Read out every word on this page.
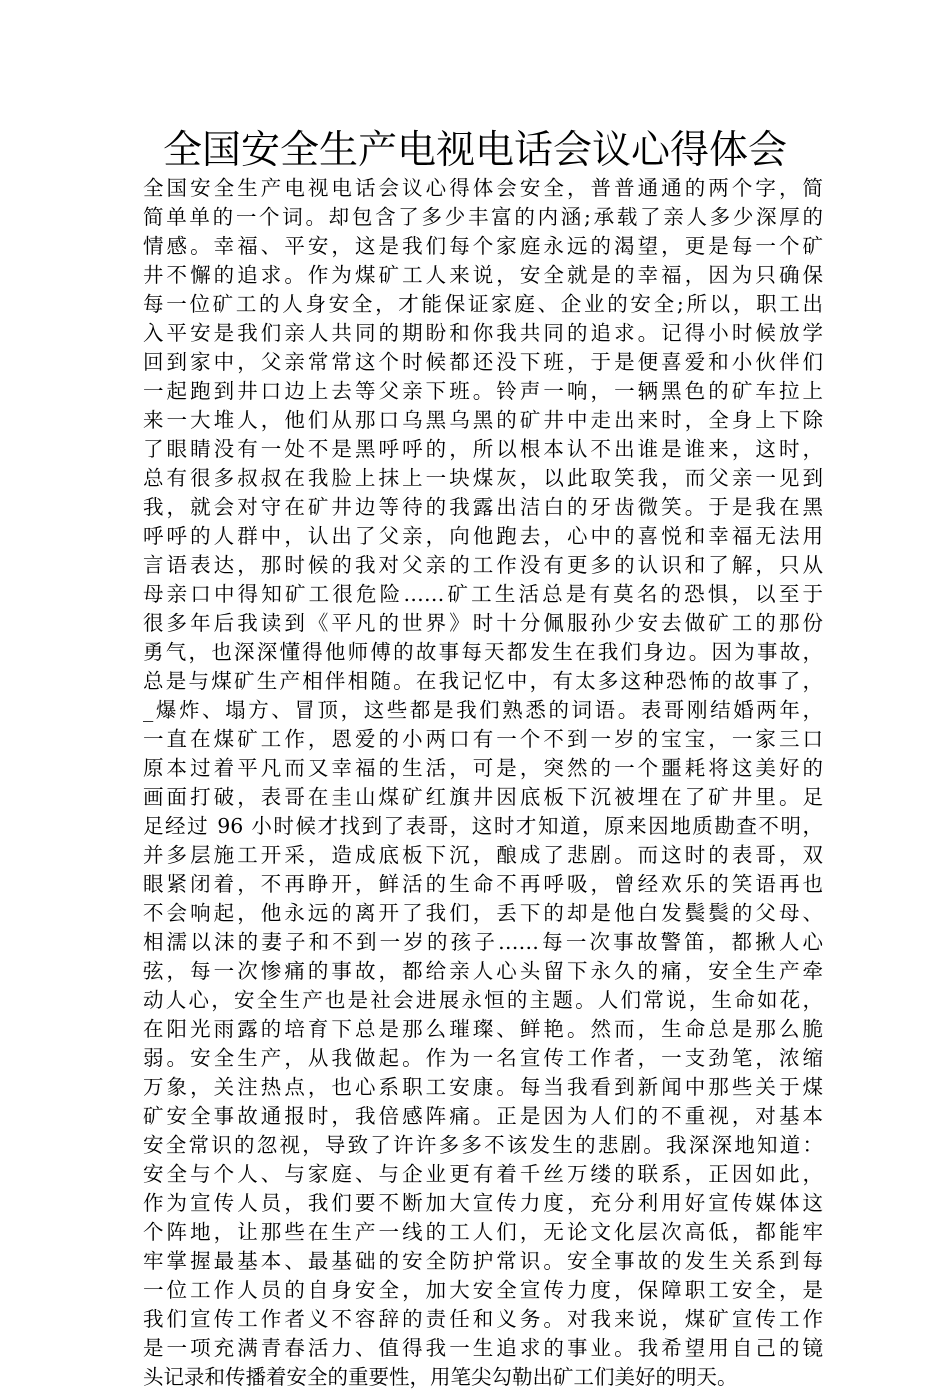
全国安全生产电视电话会议心得体会
全国安全生产电视电话会议心得体会安全，普普通通的两个字，简
简单单的一个词。却包含了多少丰富的内涵;承载了亲人多少深厚的
情感。幸福、平安，这是我们每个家庭永远的渴望，更是每一个矿
井不懈的追求。作为煤矿工人来说，安全就是的幸福，因为只确保
每一位矿工的人身安全，才能保证家庭、企业的安全;所以，职工出
入平安是我们亲人共同的期盼和你我共同的追求。记得小时候放学
回到家中，父亲常常这个时候都还没下班，于是便喜爱和小伙伴们
一起跑到井口边上去等父亲下班。铃声一响，一辆黑色的矿车拉上
来一大堆人，他们从那口乌黑乌黑的矿井中走出来时，全身上下除
了眼睛没有一处不是黑呼呼的，所以根本认不出谁是谁来，这时，
总有很多叔叔在我脸上抹上一块煤灰，以此取笑我，而父亲一见到
我，就会对守在矿井边等待的我露出洁白的牙齿微笑。于是我在黑
呼呼的人群中，认出了父亲，向他跑去，心中的喜悦和幸福无法用
言语表达，那时候的我对父亲的工作没有更多的认识和了解，只从
母亲口中得知矿工很危险……矿工生活总是有莫名的恐惧，以至于
很多年后我读到《平凡的世界》时十分佩服孙少安去做矿工的那份
勇气，也深深懂得他师傅的故事每天都发生在我们身边。因为事故，
总是与煤矿生产相伴相随。在我记忆中，有太多这种恐怖的故事了，
_爆炸、塌方、冒顶，这些都是我们熟悉的词语。表哥刚结婚两年，
一直在煤矿工作，恩爱的小两口有一个不到一岁的宝宝，一家三口
原本过着平凡而又幸福的生活，可是，突然的一个噩耗将这美好的
画面打破，表哥在圭山煤矿红旗井因底板下沉被埋在了矿井里。足
足经过 96 小时候才找到了表哥，这时才知道，原来因地质勘查不明，
并多层施工开采，造成底板下沉，酿成了悲剧。而这时的表哥，双
眼紧闭着，不再睁开，鲜活的生命不再呼吸，曾经欢乐的笑语再也
不会响起，他永远的离开了我们，丢下的却是他白发鬓鬓的父母、
相濡以沫的妻子和不到一岁的孩子……每一次事故警笛，都揪人心
弦，每一次惨痛的事故，都给亲人心头留下永久的痛，安全生产牵
动人心，安全生产也是社会进展永恒的主题。人们常说，生命如花，
在阳光雨露的培育下总是那么璀璨、鲜艳。然而，生命总是那么脆
弱。安全生产，从我做起。作为一名宣传工作者，一支劲笔，浓缩
万象，关注热点，也心系职工安康。每当我看到新闻中那些关于煤
矿安全事故通报时，我倍感阵痛。正是因为人们的不重视，对基本
安全常识的忽视，导致了许许多多不该发生的悲剧。我深深地知道：
安全与个人、与家庭、与企业更有着千丝万缕的联系，正因如此，
作为宣传人员，我们要不断加大宣传力度，充分利用好宣传媒体这
个阵地，让那些在生产一线的工人们，无论文化层次高低，都能牢
牢掌握最基本、最基础的安全防护常识。安全事故的发生关系到每
一位工作人员的自身安全，加大安全宣传力度，保障职工安全，是
我们宣传工作者义不容辞的责任和义务。对我来说，煤矿宣传工作
是一项充满青春活力、值得我一生追求的事业。我希望用自己的镜
头记录和传播着安全的重要性，用笔尖勾勒出矿工们美好的明天。
